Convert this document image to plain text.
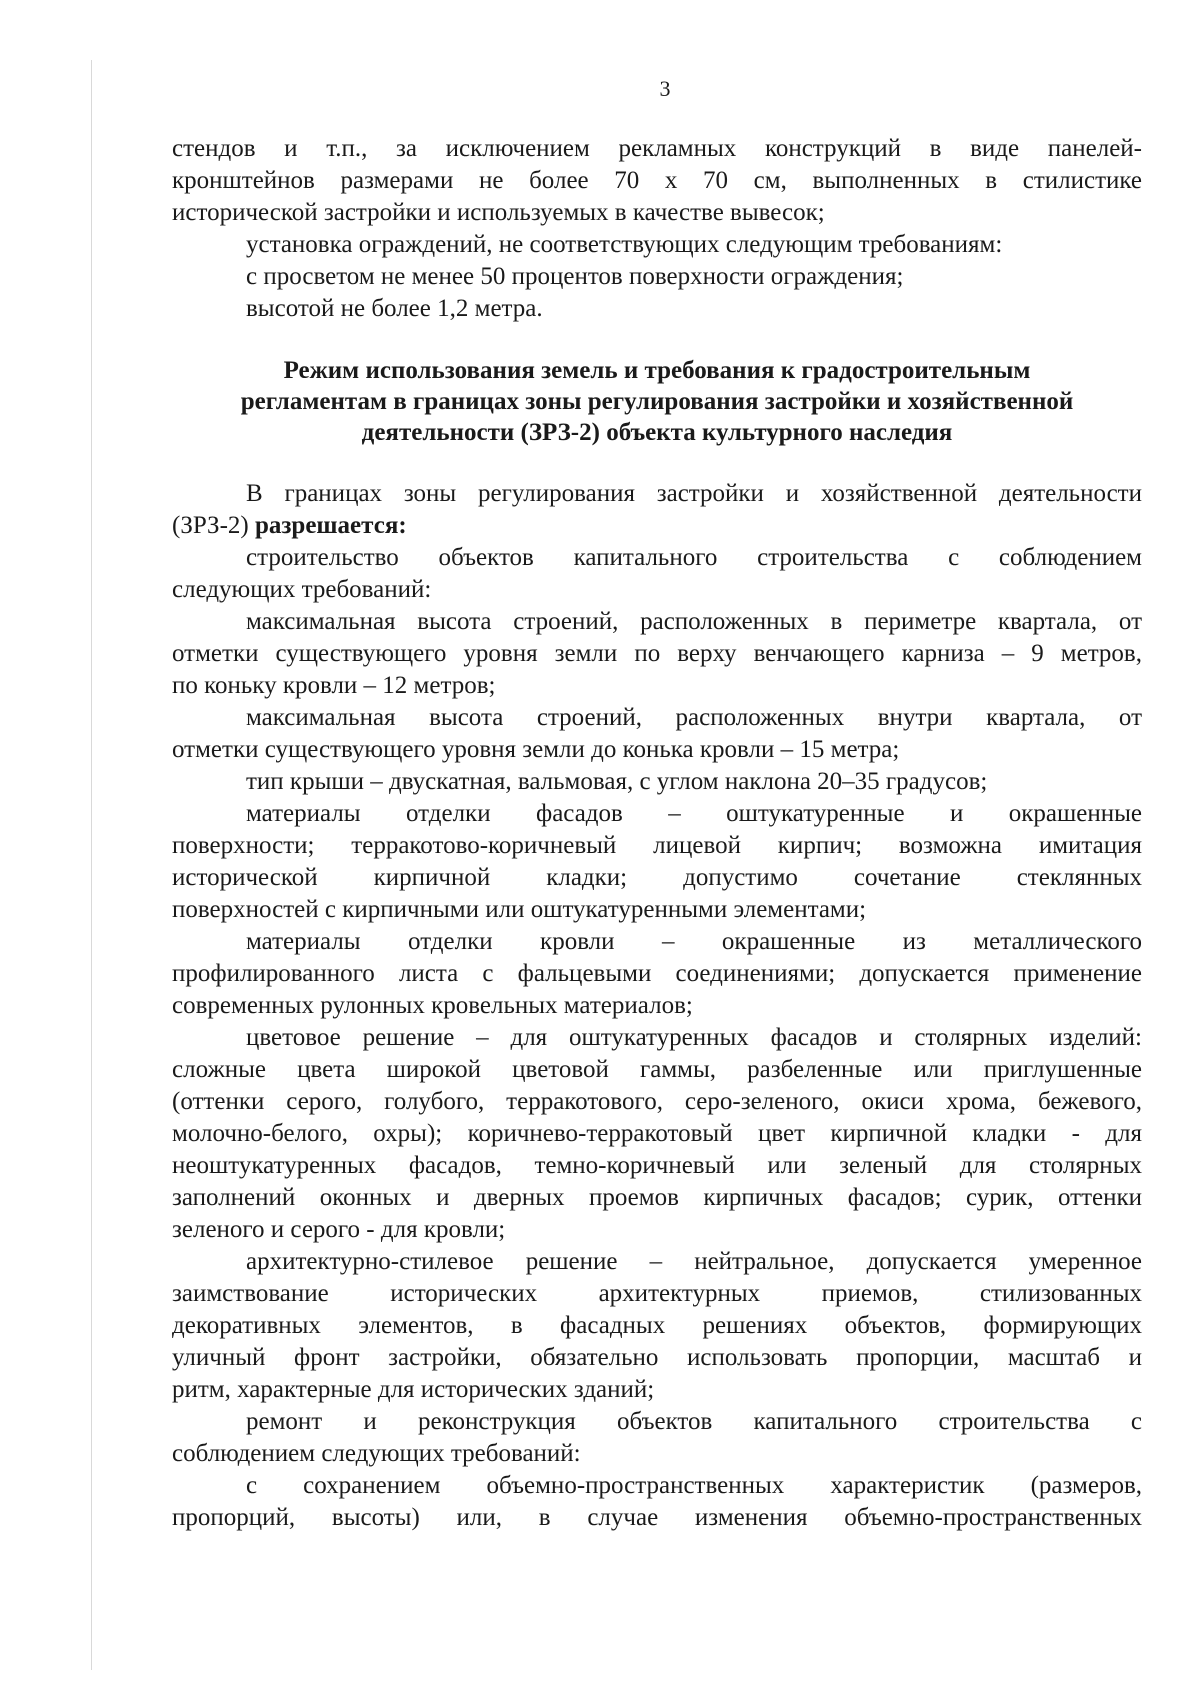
3

стендов и т.п., за исключением рекламных конструкций в виде панелей-

кронштейнов размерами не более 70 х 70 см, выполненных в стилистике

исторической застройки и используемых в качестве вывесок;

установка ограждений, не соответствующих следующим требованиям:

с просветом не менее 50 процентов поверхности ограждения;

высотой не более 1,2 метра.

Режим использования земель и требования к градостроительным

регламентам в границах зоны регулирования застройки и хозяйственной

деятельности (ЗРЗ-2) объекта культурного наследия

В границах зоны регулирования застройки и хозяйственной деятельности

(ЗРЗ-2) разрешается:

строительство объектов капитального строительства с соблюдением

следующих требований:

максимальная высота строений, расположенных в периметре квартала, от

отметки существующего уровня земли по верху венчающего карниза – 9 метров,

по коньку кровли – 12 метров;

максимальная высота строений, расположенных внутри квартала, от

отметки существующего уровня земли до конька кровли – 15 метра;

тип крыши – двускатная, вальмовая, с углом наклона 20–35 градусов;

материалы отделки фасадов – оштукатуренные и окрашенные

поверхности; терракотово-коричневый лицевой кирпич; возможна имитация

исторической кирпичной кладки; допустимо сочетание стеклянных

поверхностей с кирпичными или оштукатуренными элементами;

материалы отделки кровли – окрашенные из металлического

профилированного листа с фальцевыми соединениями; допускается применение

современных рулонных кровельных материалов;

цветовое решение – для оштукатуренных фасадов и столярных изделий:

сложные цвета широкой цветовой гаммы, разбеленные или приглушенные

(оттенки серого, голубого, терракотового, серо-зеленого, окиси хрома, бежевого,

молочно-белого, охры); коричнево-терракотовый цвет кирпичной кладки - для

неоштукатуренных фасадов, темно-коричневый или зеленый для столярных

заполнений оконных и дверных проемов кирпичных фасадов; сурик, оттенки

зеленого и серого - для кровли;

архитектурно-стилевое решение – нейтральное, допускается умеренное

заимствование исторических архитектурных приемов, стилизованных

декоративных элементов, в фасадных решениях объектов, формирующих

уличный фронт застройки, обязательно использовать пропорции, масштаб и

ритм, характерные для исторических зданий;

ремонт и реконструкция объектов капитального строительства с

соблюдением следующих требований:

с сохранением объемно-пространственных характеристик (размеров,

пропорций, высоты) или, в случае изменения объемно-пространственных
